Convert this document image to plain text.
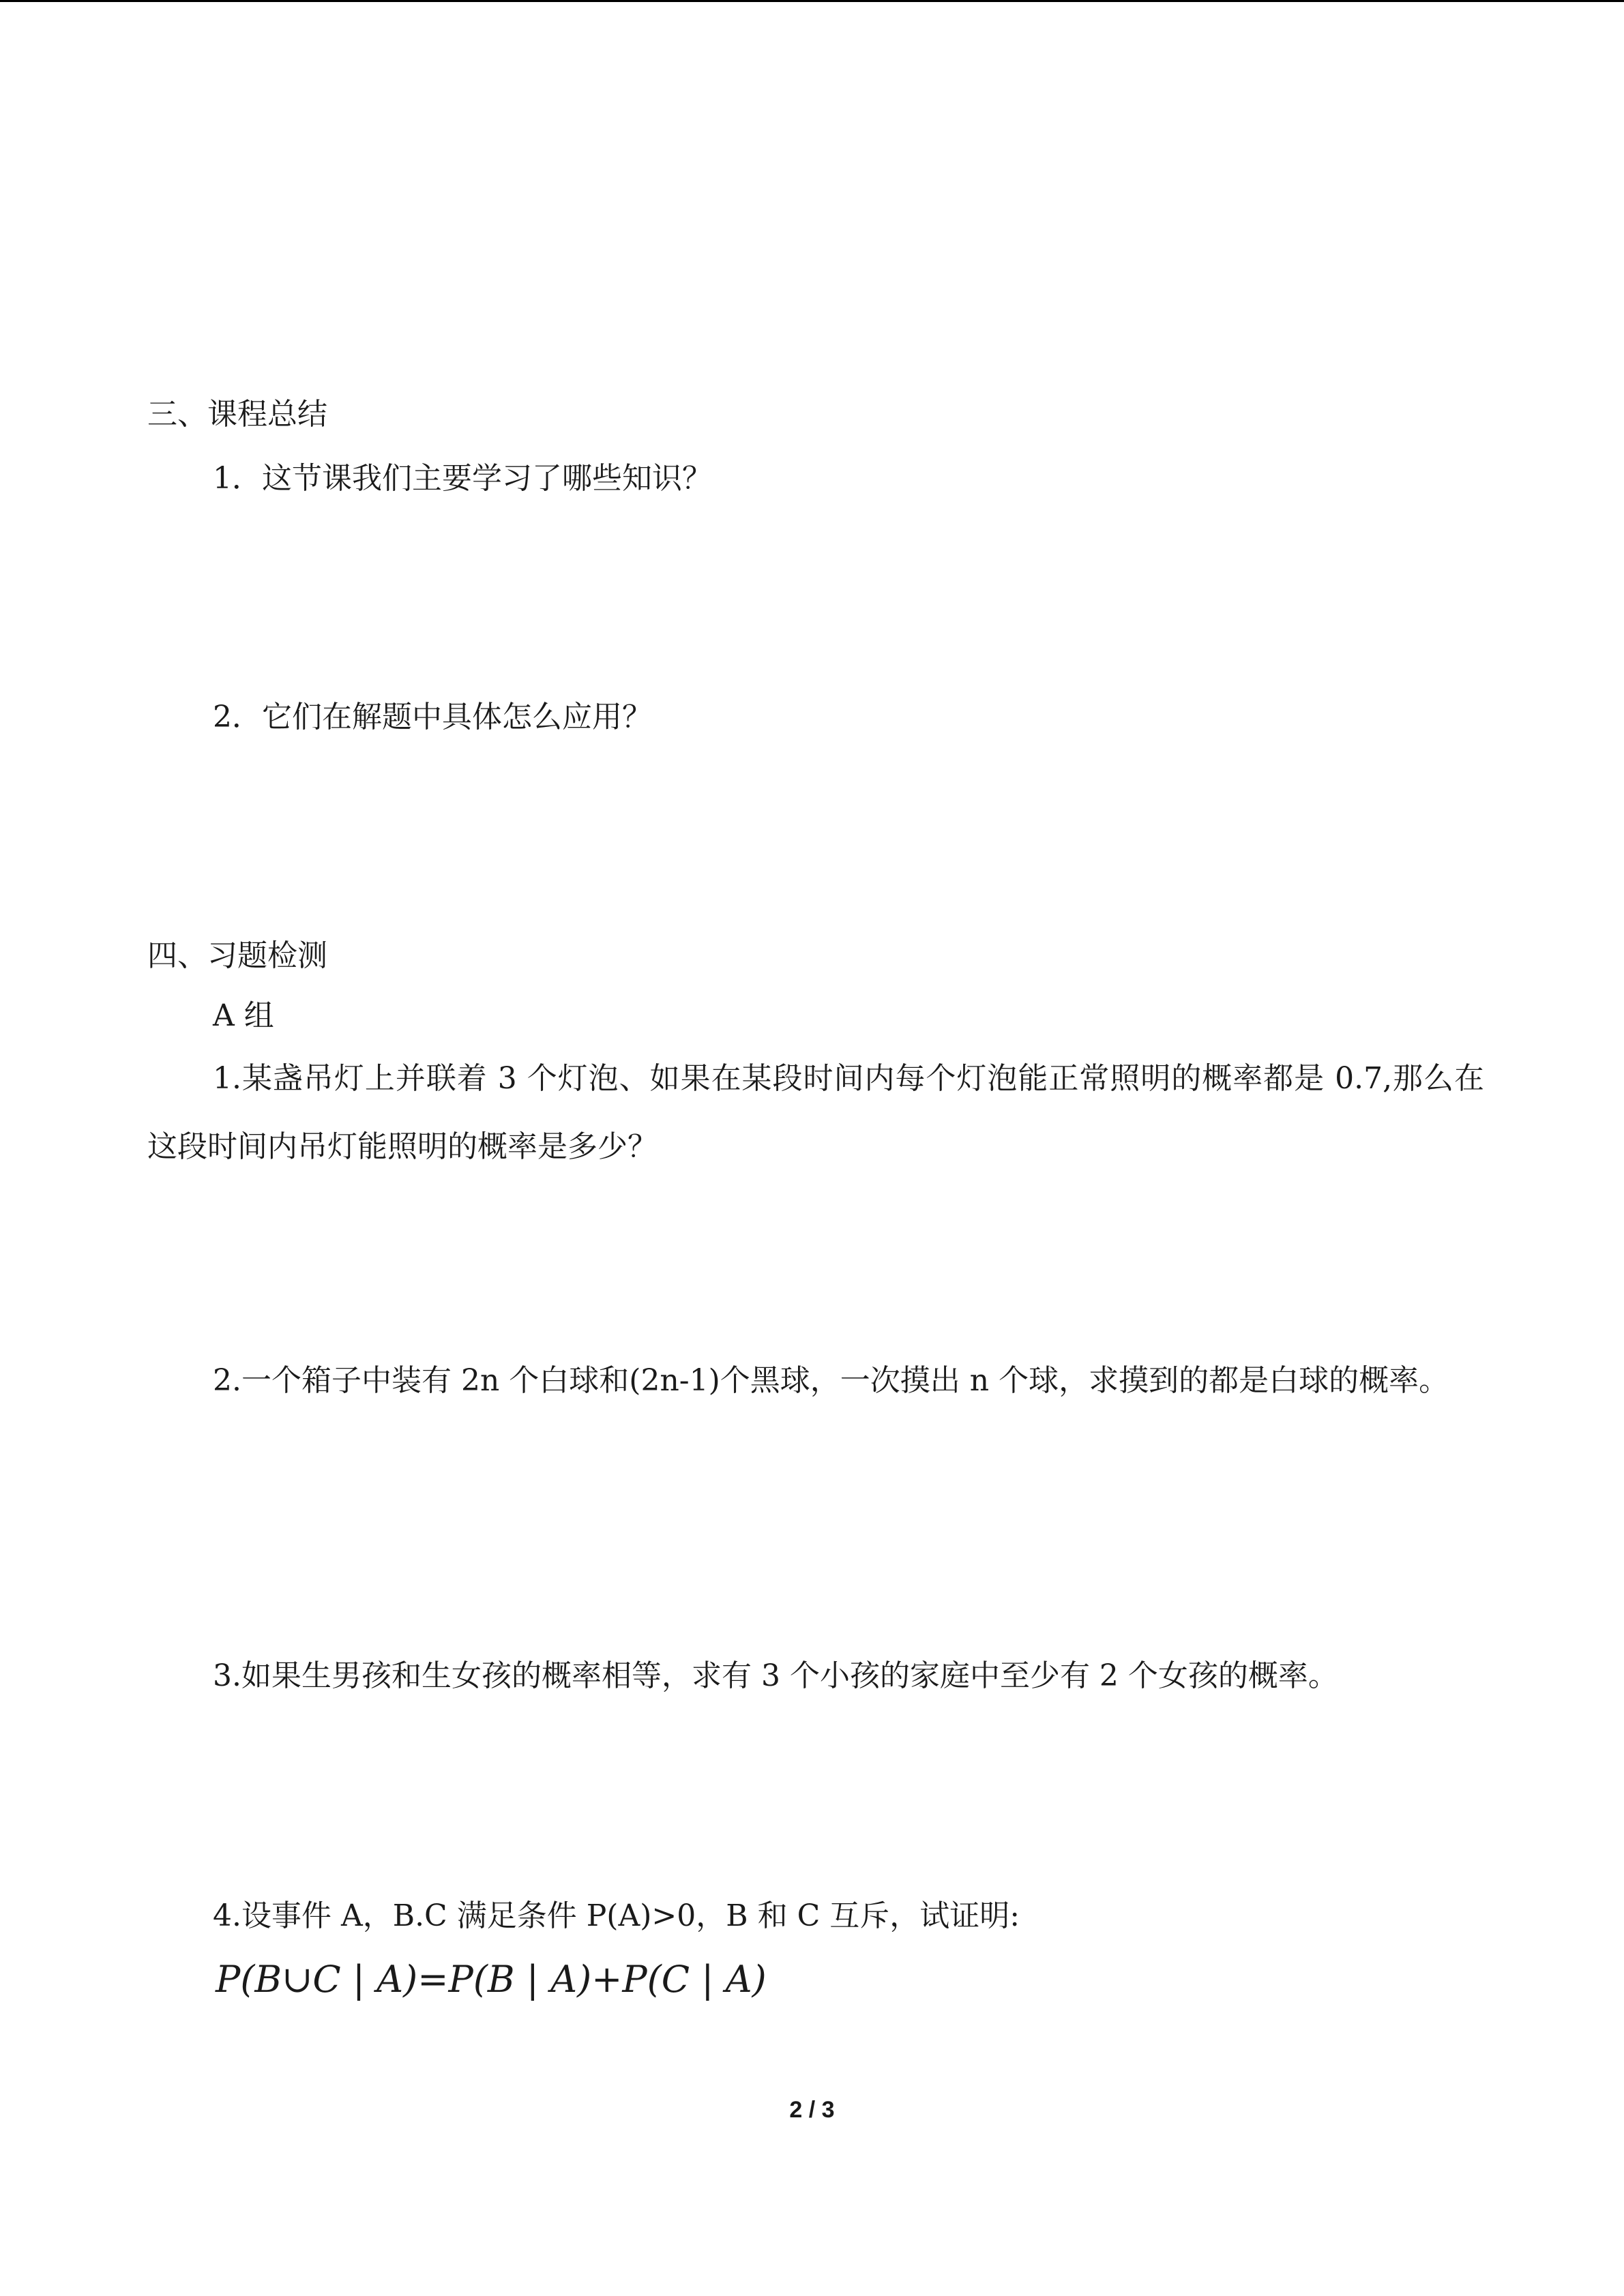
三、课程总结
1．这节课我们主要学习了哪些知识？
2．它们在解题中具体怎么应用？
四、习题检测
A 组
1.某盏吊灯上并联着 3 个灯泡、如果在某段时间内每个灯泡能正常照明的概率都是 0.7,那么在这段时间内吊灯能照明的概率是多少？
2.一个箱子中装有 2n 个白球和(2n-1)个黑球，一次摸出 n 个球，求摸到的都是白球的概率。
3.如果生男孩和生女孩的概率相等，求有 3 个小孩的家庭中至少有 2 个女孩的概率。
4.设事件 A，B.C 满足条件 P(A)>0，B 和 C 互斥，试证明:
P(B∪C | A)=P(B | A)+P(C | A)
2 / 3
